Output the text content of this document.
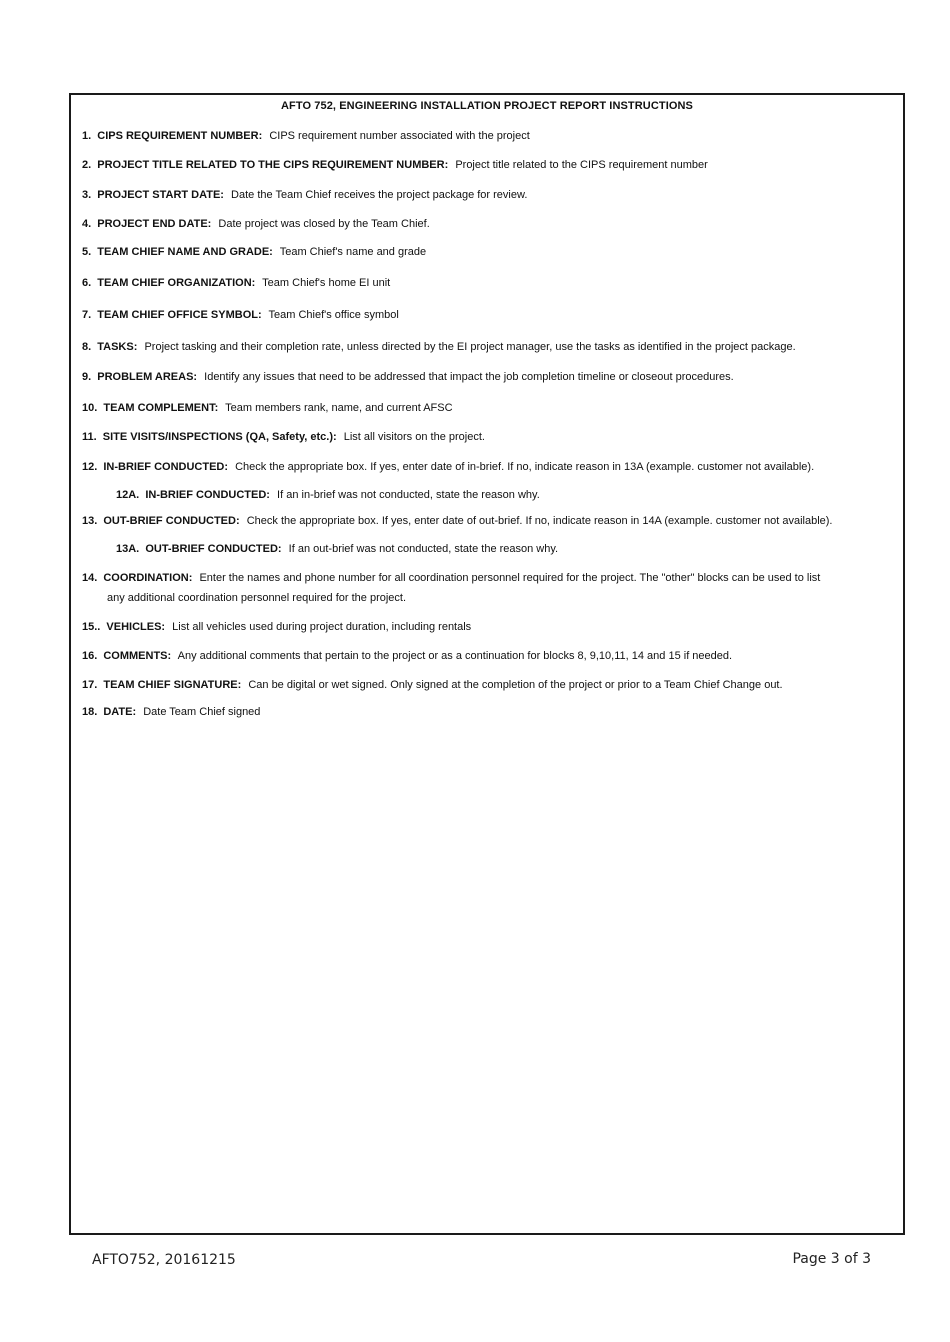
AFTO 752, ENGINEERING INSTALLATION PROJECT REPORT INSTRUCTIONS
1. CIPS REQUIREMENT NUMBER: CIPS requirement number associated with the project
2. PROJECT TITLE RELATED TO THE CIPS REQUIREMENT NUMBER: Project title related to the CIPS requirement number
3. PROJECT START DATE: Date the Team Chief receives the project package for review.
4. PROJECT END DATE: Date project was closed by the Team Chief.
5. TEAM CHIEF NAME AND GRADE: Team Chief's name and grade
6. TEAM CHIEF ORGANIZATION: Team Chief's home EI unit
7. TEAM CHIEF OFFICE SYMBOL: Team Chief's office symbol
8. TASKS: Project tasking and their completion rate, unless directed by the EI project manager, use the tasks as identified in the project package.
9. PROBLEM AREAS: Identify any issues that need to be addressed that impact the job completion timeline or closeout procedures.
10. TEAM COMPLEMENT: Team members rank, name, and current AFSC
11. SITE VISITS/INSPECTIONS (QA, Safety, etc.): List all visitors on the project.
12. IN-BRIEF CONDUCTED: Check the appropriate box. If yes, enter date of in-brief. If no, indicate reason in 13A (example. customer not available).
12A. IN-BRIEF CONDUCTED: If an in-brief was not conducted, state the reason why.
13. OUT-BRIEF CONDUCTED: Check the appropriate box. If yes, enter date of out-brief. If no, indicate reason in 14A (example. customer not available).
13A. OUT-BRIEF CONDUCTED: If an out-brief was not conducted, state the reason why.
14. COORDINATION: Enter the names and phone number for all coordination personnel required for the project. The "other" blocks can be used to list
any additional coordination personnel required for the project.
15.. VEHICLES: List all vehicles used during project duration, including rentals
16. COMMENTS: Any additional comments that pertain to the project or as a continuation for blocks 8, 9,10,11, 14 and 15 if needed.
17. TEAM CHIEF SIGNATURE: Can be digital or wet signed. Only signed at the completion of the project or prior to a Team Chief Change out.
18. DATE: Date Team Chief signed
AFTO752, 20161215	Page 3 of 3
